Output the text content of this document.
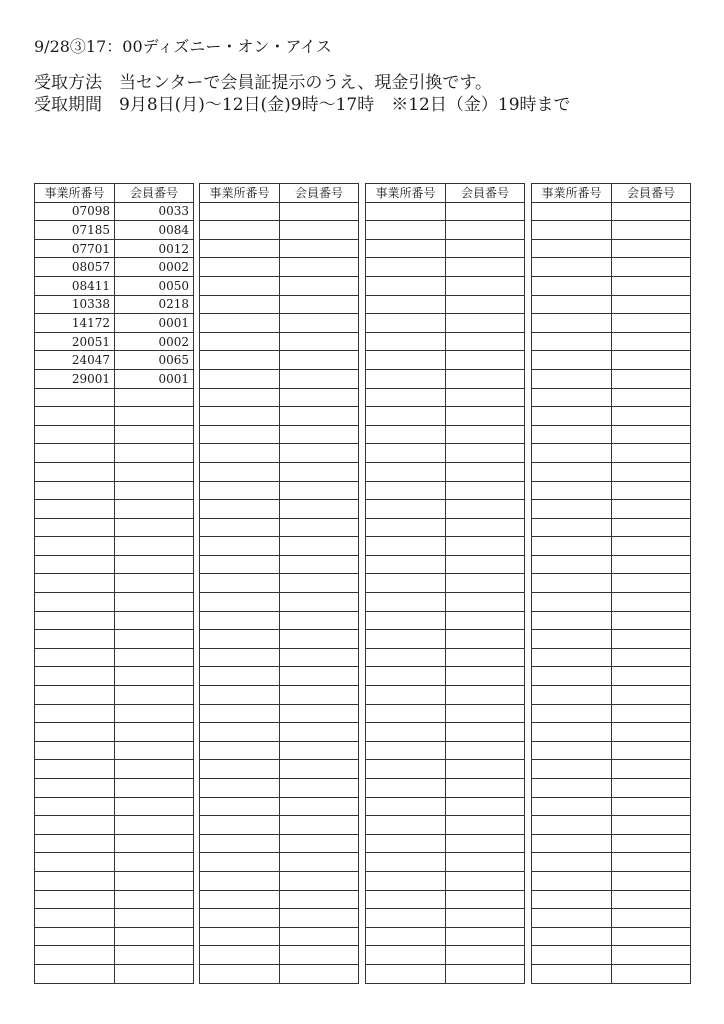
9/28③17：00ディズニー・オン・アイス
受取方法　当センターで会員証提示のうえ、現金引換です。
受取期間　9月8日(月)～12日(金)9時～17時　※12日（金）19時まで
事業所番号	会員番号
07098	0033
07185	0084
07701	0012
08057	0002
08411	0050
10338	0218
14172	0001
20051	0002
24047	0065
29001	0001

事業所番号	会員番号

		事業所番号	会員番号

		事業所番号	会員番号
